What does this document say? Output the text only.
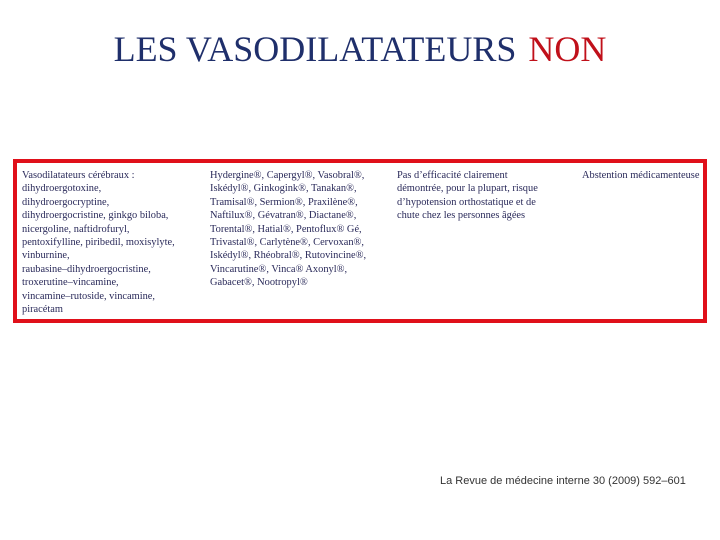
LES VASODILATATEURS NON
Vasodilatateurs cérébraux :
dihydroergotoxine,
dihydroergocryptine,
dihydroergocristine, ginkgo biloba,
nicergoline, naftidrofuryl,
pentoxifylline, piribedil, moxisylyte,
vinburnine,
raubasine–dihydroergocristine,
troxerutine–vincamine,
vincamine–rutoside, vincamine,
piracétam
Hydergine®, Capergyl®, Vasobral®,
Iskédyl®, Ginkogink®, Tanakan®,
Tramisal®, Sermion®, Praxilène®,
Naftilux®, Gévatran®, Diactane®,
Torental®, Hatial®, Pentoflux® Gé,
Trivastal®, Carlytène®, Cervoxan®,
Iskédyl®, Rhéobral®, Rutovincine®,
Vincarutine®, Vinca® Axonyl®,
Gabacet®, Nootropyl®
Pas d’efficacité clairement
démontrée, pour la plupart, risque
d’hypotension orthostatique et de
chute chez les personnes âgées
Abstention médicamenteuse
La Revue de médecine interne 30 (2009) 592–601
